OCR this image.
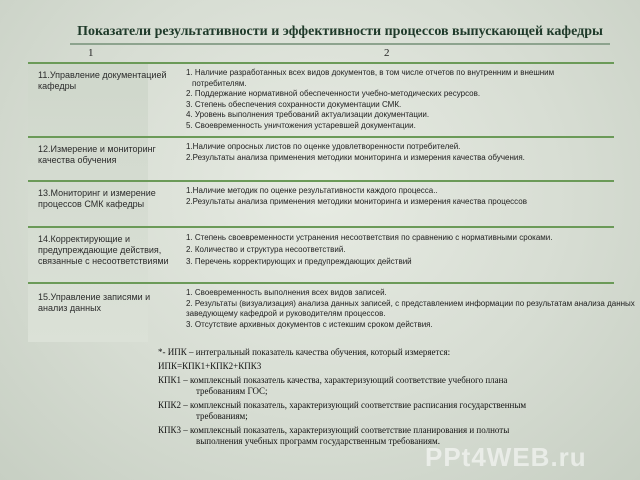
Показатели результативности и эффективности процессов выпускающей кафедры
1	2
11.Управление документацией кафедры
1. Наличие разработанных всех видов документов, в том числе отчетов по внутренним и внешним
потребителям.
2. Поддержание нормативной обеспеченности учебно-методических ресурсов.
3. Степень обеспечения сохранности документации СМК.
4. Уровень выполнения требований актуализации документации.
5. Своевременность уничтожения устаревшей документации.
12.Измерение и мониторинг качества обучения
1.Наличие опросных листов по оценке удовлетворенности потребителей.
2.Результаты анализа применения методики мониторинга и измерения качества обучения.
13.Мониторинг и измерение процессов СМК кафедры
1.Наличие методик по оценке результативности каждого процесса..
2.Результаты анализа применения методики мониторинга и измерения качества процессов
14.Корректирующие и предупреждающие действия, связанные с несоответствиями
1. Степень своевременности устранения несоответствия по сравнению с нормативными сроками.
2. Количество и структура несоответствий.
3. Перечень корректирующих и предупреждающих действий
15.Управление записями и анализ данных
1. Своевременность выполнения всех видов записей.
2. Результаты (визуализация) анализа данных записей, с представлением информации по результатам анализа данных заведующему кафедрой и руководителям процессов.
3. Отсутствие архивных документов с истекшим сроком действия.
*- ИПК – интегральный показатель качества обучения, который измеряется:
ИПК=КПК1+КПК2+КПК3
КПК1 – комплексный показатель качества, характеризующий соответствие учебного плана
требованиям ГОС;
КПК2 – комплексный показатель, характеризующий соответствие расписания государственным
требованиям;
КПК3 – комплексный показатель, характеризующий соответствие планирования и полноты
выполнения учебных программ государственным требованиям.
PPt4WEB.ru
